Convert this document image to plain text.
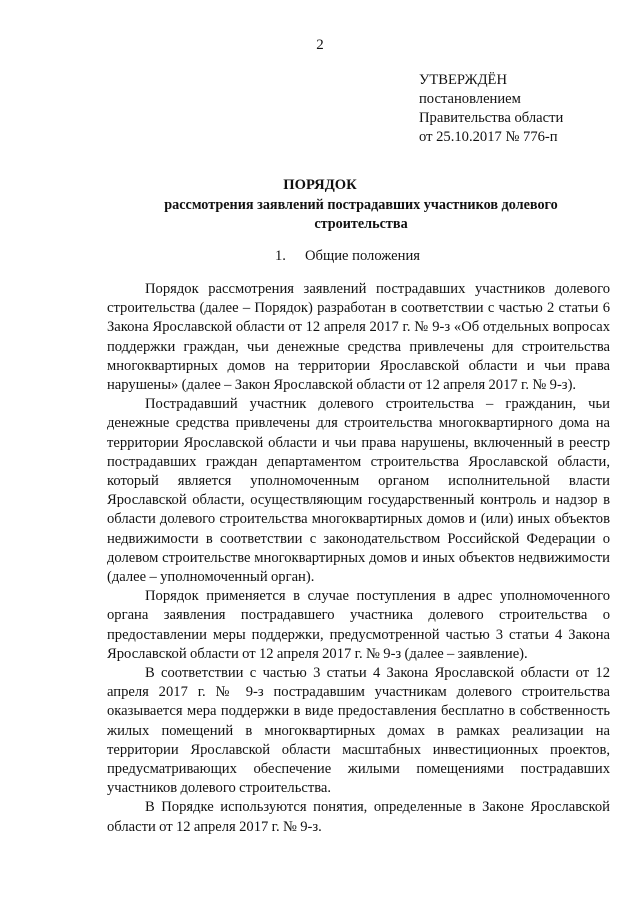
2
УТВЕРЖДЁН
постановлением
Правительства области
от 25.10.2017 № 776-п
ПОРЯДОК
рассмотрения заявлений пострадавших участников долевого строительства
1. Общие положения

Порядок рассмотрения заявлений пострадавших участников долевого строительства (далее – Порядок) разработан в соответствии с частью 2 статьи 6 Закона Ярославской области от 12 апреля 2017 г. № 9-з «Об отдельных вопросах поддержки граждан, чьи денежные средства привлечены для строительства многоквартирных домов на территории Ярославской области и чьи права нарушены» (далее – Закон Ярославской области от 12 апреля 2017 г. № 9-з).

Пострадавший участник долевого строительства – гражданин, чьи денежные средства привлечены для строительства многоквартирного дома на территории Ярославской области и чьи права нарушены, включенный в реестр пострадавших граждан департаментом строительства Ярославской области, который является уполномоченным органом исполнительной власти Ярославской области, осуществляющим государственный контроль и надзор в области долевого строительства многоквартирных домов и (или) иных объектов недвижимости в соответствии с законодательством Российской Федерации о долевом строительстве многоквартирных домов и иных объектов недвижимости (далее – уполномоченный орган).

Порядок применяется в случае поступления в адрес уполномоченного органа заявления пострадавшего участника долевого строительства о предоставлении меры поддержки, предусмотренной частью 3 статьи 4 Закона Ярославской области от 12 апреля 2017 г. № 9-з (далее – заявление).

В соответствии с частью 3 статьи 4 Закона Ярославской области от 12 апреля 2017 г. № 9-з пострадавшим участникам долевого строительства оказывается мера поддержки в виде предоставления бесплатно в собственность жилых помещений в многоквартирных домах в рамках реализации на территории Ярославской области масштабных инвестиционных проектов, предусматривающих обеспечение жилыми помещениями пострадавших участников долевого строительства.

В Порядке используются понятия, определенные в Законе Ярославской области от 12 апреля 2017 г. № 9-з.
